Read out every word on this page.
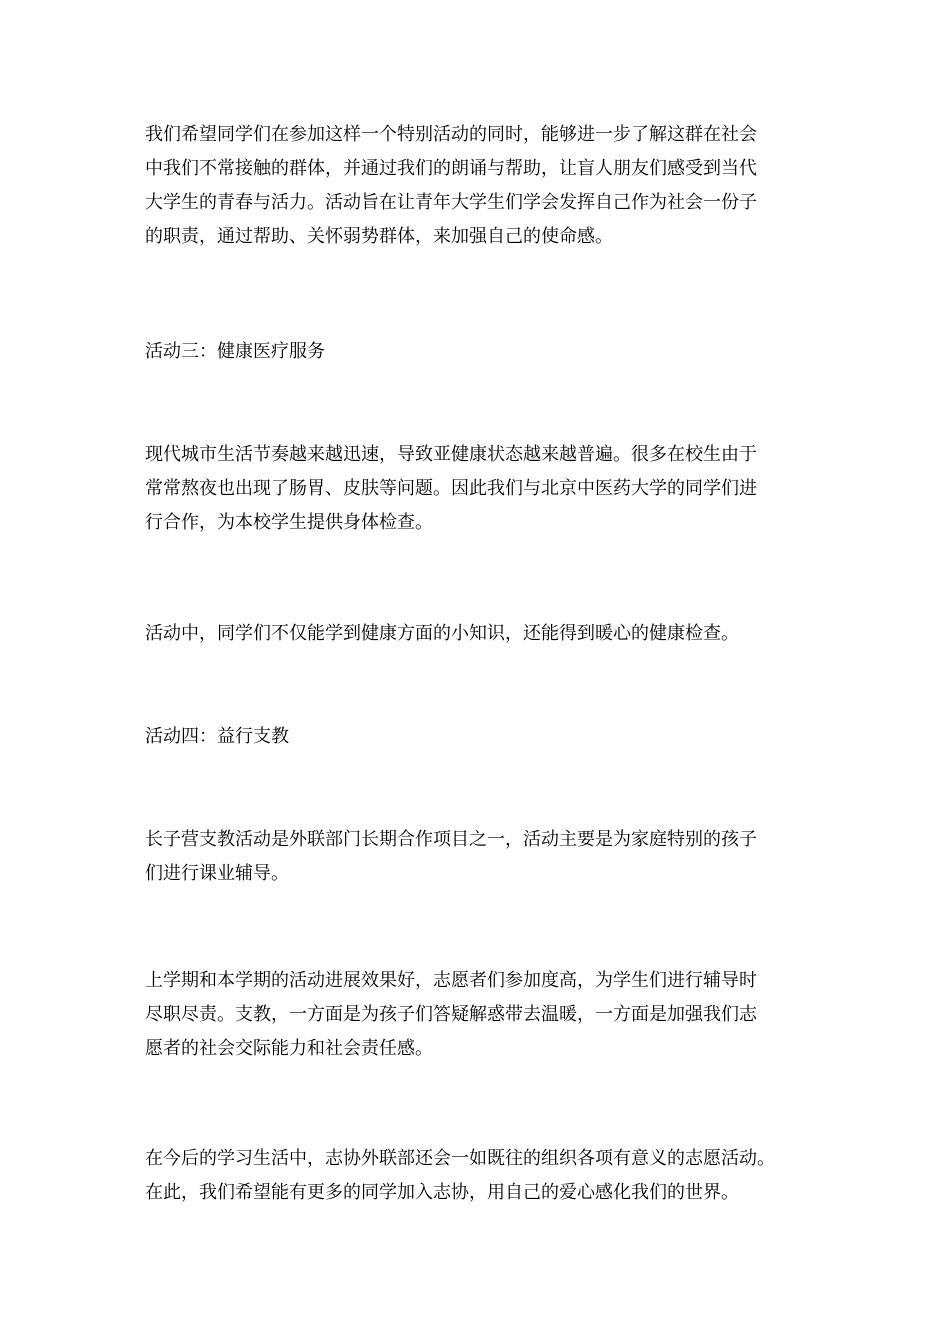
我们希望同学们在参加这样一个特别活动的同时，能够进一步了解这群在社会
中我们不常接触的群体，并通过我们的朗诵与帮助，让盲人朋友们感受到当代
大学生的青春与活力。活动旨在让青年大学生们学会发挥自己作为社会一份子
的职责，通过帮助、关怀弱势群体，来加强自己的使命感。

活动三：健康医疗服务

现代城市生活节奏越来越迅速，导致亚健康状态越来越普遍。很多在校生由于
常常熬夜也出现了肠胃、皮肤等问题。因此我们与北京中医药大学的同学们进
行合作，为本校学生提供身体检查。

活动中，同学们不仅能学到健康方面的小知识，还能得到暖心的健康检查。

活动四：益行支教

长子营支教活动是外联部门长期合作项目之一，活动主要是为家庭特别的孩子
们进行课业辅导。

上学期和本学期的活动进展效果好，志愿者们参加度高，为学生们进行辅导时
尽职尽责。支教，一方面是为孩子们答疑解惑带去温暖，一方面是加强我们志
愿者的社会交际能力和社会责任感。

在今后的学习生活中，志协外联部还会一如既往的组织各项有意义的志愿活动。
在此，我们希望能有更多的同学加入志协，用自己的爱心感化我们的世界。
